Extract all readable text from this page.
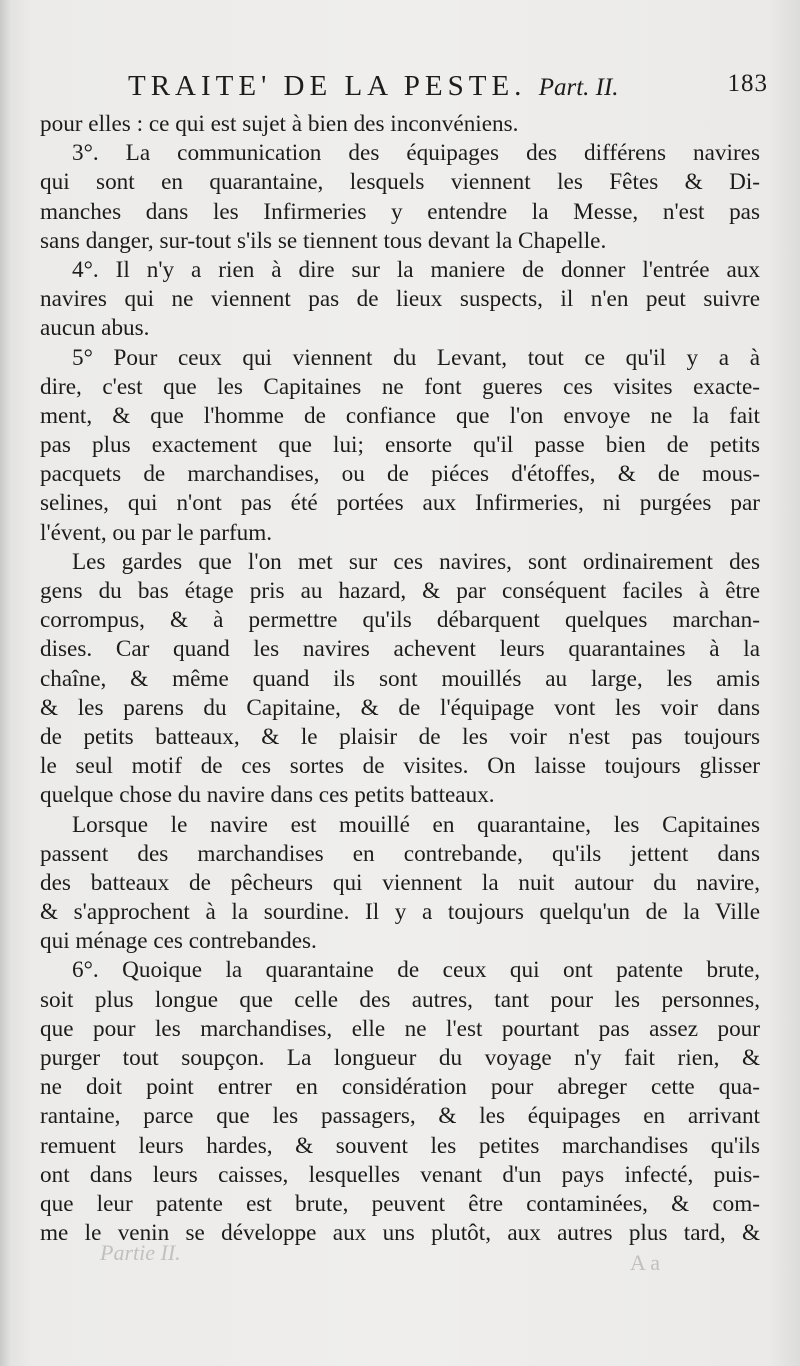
TRAITE' DE LA PESTE. Part. II.	183
pour elles : ce qui est sujet à bien des inconvéniens.
3°. La communication des équipages des différens navires
qui sont en quarantaine, lesquels viennent les Fêtes & Di-
manches dans les Infirmeries y entendre la Messe, n'est pas
sans danger, sur-tout s'ils se tiennent tous devant la Chapelle.
4°. Il n'y a rien à dire sur la maniere de donner l'entrée aux
navires qui ne viennent pas de lieux suspects, il n'en peut suivre
aucun abus.
5° Pour ceux qui viennent du Levant, tout ce qu'il y a à
dire, c'est que les Capitaines ne font gueres ces visites exacte-
ment, & que l'homme de confiance que l'on envoye ne la fait
pas plus exactement que lui; ensorte qu'il passe bien de petits
pacquets de marchandises, ou de piéces d'étoffes, & de mous-
selines, qui n'ont pas été portées aux Infirmeries, ni purgées par
l'évent, ou par le parfum.
Les gardes que l'on met sur ces navires, sont ordinairement des
gens du bas étage pris au hazard, & par conséquent faciles à être
corrompus, & à permettre qu'ils débarquent quelques marchan-
dises. Car quand les navires achevent leurs quarantaines à la
chaîne, & même quand ils sont mouillés au large, les amis
& les parens du Capitaine, & de l'équipage vont les voir dans
de petits batteaux, & le plaisir de les voir n'est pas toujours
le seul motif de ces sortes de visites. On laisse toujours glisser
quelque chose du navire dans ces petits batteaux.
Lorsque le navire est mouillé en quarantaine, les Capitaines
passent des marchandises en contrebande, qu'ils jettent dans
des batteaux de pêcheurs qui viennent la nuit autour du navire,
& s'approchent à la sourdine. Il y a toujours quelqu'un de la Ville
qui ménage ces contrebandes.
6°. Quoique la quarantaine de ceux qui ont patente brute,
soit plus longue que celle des autres, tant pour les personnes,
que pour les marchandises, elle ne l'est pourtant pas assez pour
purger tout soupçon. La longueur du voyage n'y fait rien, &
ne doit point entrer en considération pour abreger cette qua-
rantaine, parce que les passagers, & les équipages en arrivant
remuent leurs hardes, & souvent les petites marchandises qu'ils
ont dans leurs caisses, lesquelles venant d'un pays infecté, puis-
que leur patente est brute, peuvent être contaminées, & com-
me le venin se développe aux uns plutôt, aux autres plus tard, &
Partie II.	A a
